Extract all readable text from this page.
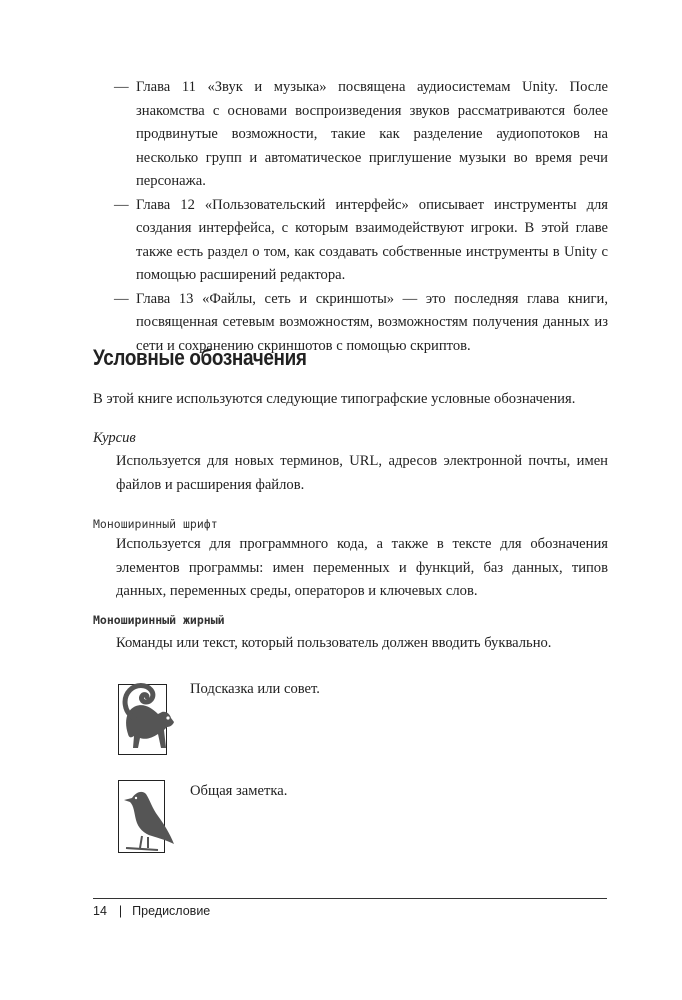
— Глава 11 «Звук и музыка» посвящена аудиосистемам Unity. После знакомства с основами воспроизведения звуков рассматриваются более продвинутые возможности, такие как разделение аудиопотоков на несколько групп и автоматическое приглушение музыки во время речи персонажа.
— Глава 12 «Пользовательский интерфейс» описывает инструменты для создания интерфейса, с которым взаимодействуют игроки. В этой главе также есть раздел о том, как создавать собственные инструменты в Unity с помощью расширений редактора.
— Глава 13 «Файлы, сеть и скриншоты» — это последняя глава книги, посвященная сетевым возможностям, возможностям получения данных из сети и сохранению скриншотов с помощью скриптов.
Условные обозначения
В этой книге используются следующие типографские условные обозначения.
Курсив
Используется для новых терминов, URL, адресов электронной почты, имен файлов и расширения файлов.
Моноширинный шрифт
Используется для программного кода, а также в тексте для обозначения элементов программы: имен переменных и функций, баз данных, типов данных, переменных среды, операторов и ключевых слов.
Моноширинный жирный
Команды или текст, который пользователь должен вводить буквально.
Подсказка или совет.
Общая заметка.
14 | Предисловие
